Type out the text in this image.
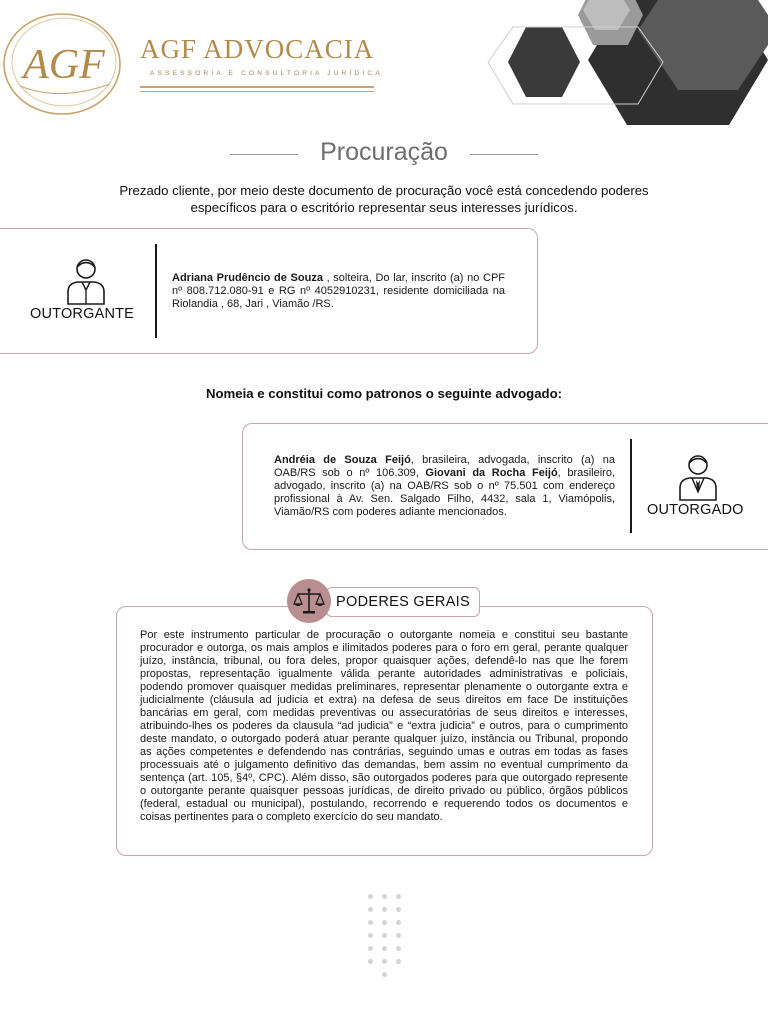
AGF AGF ADVOCACIA
ASSESSORIA E CONSULTORIA JURÍDICA
Procuração
Prezado cliente, por meio deste documento de procuração você está concedendo poderes específicos para o escritório representar seus interesses jurídicos.
OUTORGANTE
Adriana Prudêncio de Souza , solteira, Do lar, inscrito (a) no CPF nº 808.712.080-91 e RG nº 4052910231, residente domiciliada na Riolandia , 68, Jari , Viamão /RS.
Nomeia e constitui como patronos o seguinte advogado:
Andréia de Souza Feijó, brasileira, advogada, inscrito (a) na OAB/RS sob o nº 106.309, Giovani da Rocha Feijó, brasileiro, advogado, inscrito (a) na OAB/RS sob o nº 75.501 com endereço profissional à Av. Sen. Salgado Filho, 4432, sala 1, Viamópolis, Viamão/RS com poderes adiante mencionados.	OUTORGADO
PODERES GERAIS
Por este instrumento particular de procuração o outorgante nomeia e constitui seu bastante procurador e outorga, os mais amplos e ilimitados poderes para o foro em geral, perante qualquer juízo, instância, tribunal, ou fora deles, propor quaisquer ações, defendê-lo nas que lhe forem propostas, representação igualmente válida perante autoridades administrativas e policiais, podendo promover quaisquer medidas preliminares, representar plenamente o outorgante extra e judicialmente (cláusula ad judicia et extra) na defesa de seus direitos em face De instituições bancárias em geral, com medidas preventivas ou assecuratórias de seus direitos e interesses, atribuindo-lhes os poderes da clausula “ad judicia” e “extra judicia” e outros, para o cumprimento deste mandato, o outorgado poderá atuar perante qualquer juízo, instância ou Tribunal, propondo as ações competentes e defendendo nas contrárias, seguindo umas e outras em todas as fases processuais até o julgamento definitivo das demandas, bem assim no eventual cumprimento da sentença (art. 105, §4º, CPC). Além disso, são outorgados poderes para que outorgado represente o outorgante perante quaisquer pessoas jurídicas, de direito privado ou público, órgãos públicos (federal, estadual ou municipal), postulando, recorrendo e requerendo todos os documentos e coisas pertinentes para o completo exercício do seu mandato.
